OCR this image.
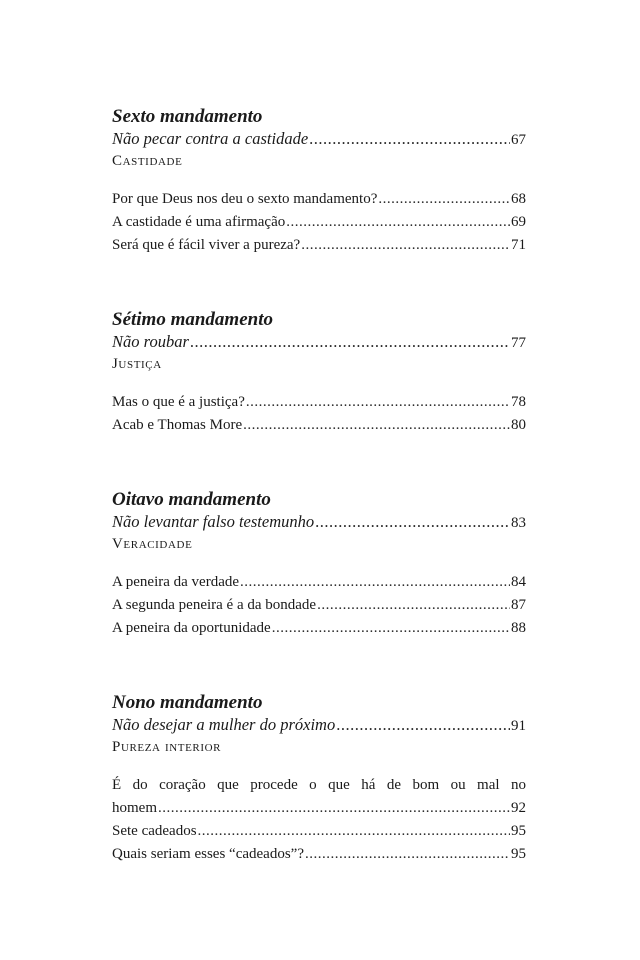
Sexto mandamento
Não pecar contra a castidade .....	67
Castidade
Por que Deus nos deu o sexto mandamento? .....	68
A castidade é uma afirmação .....	69
Será que é fácil viver a pureza? .....	71
Sétimo mandamento
Não roubar .....	77
Justiça
Mas o que é a justiça? .....	78
Acab e Thomas More .....	80
Oitavo mandamento
Não levantar falso testemunho .....	83
Veracidade
A peneira da verdade .....	84
A segunda peneira é a da bondade .....	87
A peneira da oportunidade .....	88
Nono mandamento
Não desejar a mulher do próximo .....	91
Pureza interior
É do coração que procede o que há de bom ou mal no
homem .....	92
Sete cadeados .....	95
Quais seriam esses “cadeados”? .....	95
